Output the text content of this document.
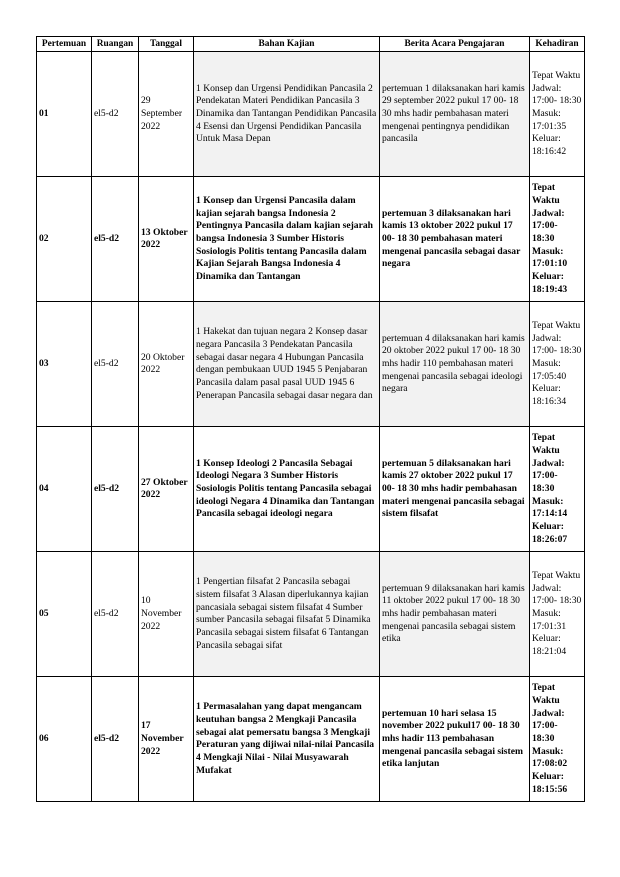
Pertemuan	Ruangan	Tanggal	Bahan Kajian	Berita Acara Pengajaran	Kehadiran
01	el5-d2	29 September 2022	1 Konsep dan Urgensi Pendidikan Pancasila 2 Pendekatan Materi Pendidikan Pancasila 3 Dinamika dan Tantangan Pendidikan Pancasila 4 Esensi dan Urgensi Pendidikan Pancasila Untuk Masa Depan	pertemuan 1 dilaksanakan hari kamis 29 september 2022 pukul 17 00- 18 30 mhs hadir pembahasan materi mengenai pentingnya pendidikan pancasila	Tepat Waktu Jadwal: 17:00- 18:30 Masuk: 17:01:35 Keluar: 18:16:42
02	el5-d2	13 Oktober 2022	1 Konsep dan Urgensi Pancasila dalam kajian sejarah bangsa Indonesia 2 Pentingnya Pancasila dalam kajian sejarah bangsa Indonesia 3 Sumber Historis Sosiologis Politis tentang Pancasila dalam Kajian Sejarah Bangsa Indonesia 4 Dinamika dan Tantangan	pertemuan 3 dilaksanakan hari kamis 13 oktober 2022 pukul 17 00- 18 30 pembahasan materi mengenai pancasila sebagai dasar negara	Tepat Waktu Jadwal: 17:00- 18:30 Masuk: 17:01:10 Keluar: 18:19:43
03	el5-d2	20 Oktober 2022	1 Hakekat dan tujuan negara 2 Konsep dasar negara Pancasila 3 Pendekatan Pancasila sebagai dasar negara 4 Hubungan Pancasila dengan pembukaan UUD 1945 5 Penjabaran Pancasila dalam pasal pasal UUD 1945 6 Penerapan Pancasila sebagai dasar negara dan	pertemuan 4 dilaksanakan hari kamis 20 oktober 2022 pukul 17 00- 18 30 mhs hadir 110 pembahasan materi mengenai pancasila sebagai ideologi negara	Tepat Waktu Jadwal: 17:00- 18:30 Masuk: 17:05:40 Keluar: 18:16:34
04	el5-d2	27 Oktober 2022	1 Konsep Ideologi 2 Pancasila Sebagai Ideologi Negara 3 Sumber Historis Sosiologis Politis tentang Pancasila sebagai ideologi Negara 4 Dinamika dan Tantangan Pancasila sebagai ideologi negara	pertemuan 5 dilaksanakan hari kamis 27 oktober 2022 pukul 17 00- 18 30 mhs hadir pembahasan materi mengenai pancasila sebagai sistem filsafat	Tepat Waktu Jadwal: 17:00- 18:30 Masuk: 17:14:14 Keluar: 18:26:07
05	el5-d2	10 November 2022	1 Pengertian filsafat 2 Pancasila sebagai sistem filsafat 3 Alasan diperlukannya kajian pancasiala sebagai sistem filsafat 4 Sumber sumber Pancasila sebagai filsafat 5 Dinamika Pancasila sebagai sistem filsafat 6 Tantangan Pancasila sebagai sifat	pertemuan 9 dilaksanakan hari kamis 11 oktober 2022 pukul 17 00- 18 30 mhs hadir pembahasan materi mengenai pancasila sebagai sistem etika	Tepat Waktu Jadwal: 17:00- 18:30 Masuk: 17:01:31 Keluar: 18:21:04
06	el5-d2	17 November 2022	1 Permasalahan yang dapat mengancam keutuhan bangsa 2 Mengkaji Pancasila sebagai alat pemersatu bangsa 3 Mengkaji Peraturan yang dijiwai nilai-nilai Pancasila 4 Mengkaji Nilai - Nilai Musyawarah Mufakat	pertemuan 10 hari selasa 15 november 2022 pukul17 00- 18 30 mhs hadir 113 pembahasan mengenai pancasila sebagai sistem etika lanjutan	Tepat Waktu Jadwal: 17:00- 18:30 Masuk: 17:08:02 Keluar: 18:15:56
